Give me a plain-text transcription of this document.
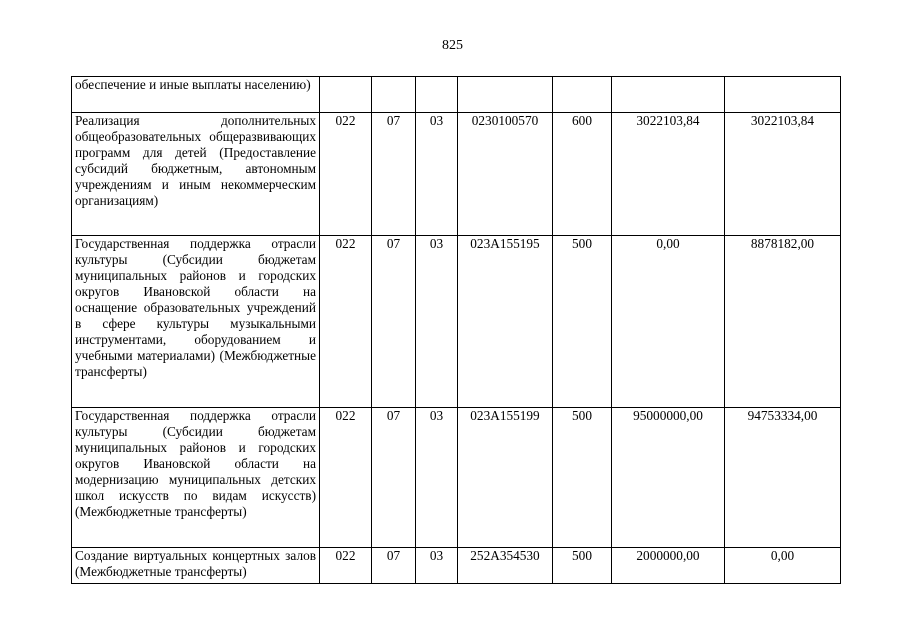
825
обеспечение и иные выплаты населению)							
Реализация дополнительных общеобразовательных общеразвивающих программ для детей (Предоставление субсидий бюджетным, автономным учреждениям и иным некоммерческим организациям)	022	07	03	0230100570	600	3022103,84	3022103,84
Государственная поддержка отрасли культуры (Субсидии бюджетам муниципальных районов и городских округов Ивановской области на оснащение образовательных учреждений в сфере культуры музыкальными инструментами, оборудованием и учебными материалами) (Межбюджетные трансферты)	022	07	03	023А155195	500	0,00	8878182,00
Государственная поддержка отрасли культуры (Субсидии бюджетам муниципальных районов и городских округов Ивановской области на модернизацию муниципальных детских школ искусств по видам искусств) (Межбюджетные трансферты)	022	07	03	023А155199	500	95000000,00	94753334,00
Создание виртуальных концертных залов (Межбюджетные трансферты)	022	07	03	252А354530	500	2000000,00	0,00
